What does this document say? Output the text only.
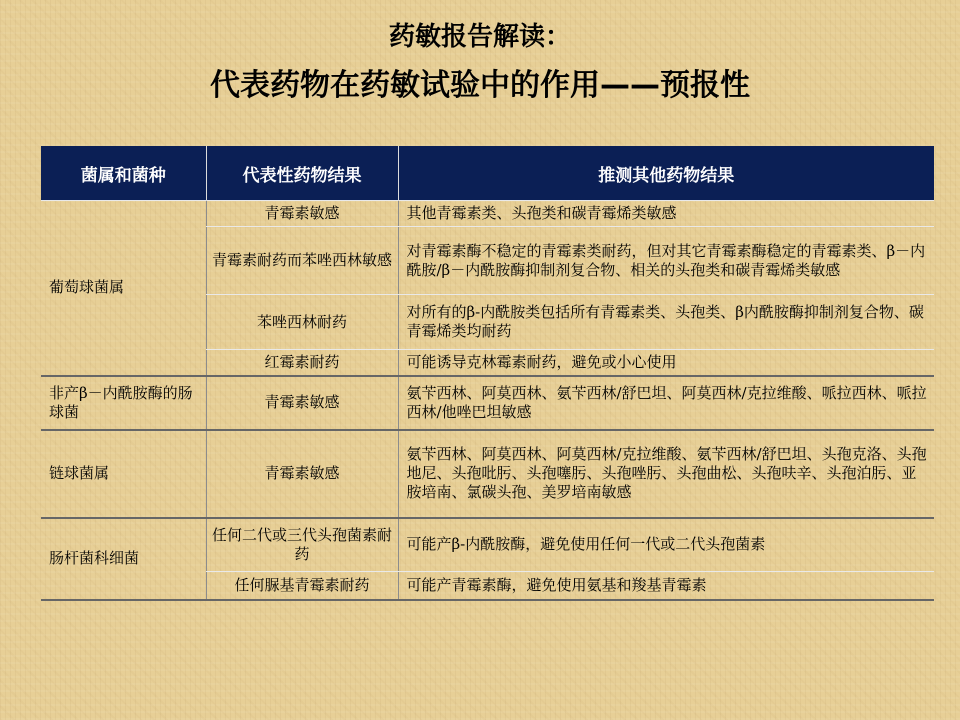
药敏报告解读：
代表药物在药敏试验中的作用——预报性
菌属和菌种	代表性药物结果	推测其他药物结果
葡萄球菌属	青霉素敏感	其他青霉素类、头孢类和碳青霉烯类敏感
	青霉素耐药而苯唑西林敏感	对青霉素酶不稳定的青霉素类耐药，但对其它青霉素酶稳定的青霉素类、β－内酰胺/β－内酰胺酶抑制剂复合物、相关的头孢类和碳青霉烯类敏感
	苯唑西林耐药	对所有的β-内酰胺类包括所有青霉素类、头孢类、β内酰胺酶抑制剂复合物、碳青霉烯类均耐药
	红霉素耐药	可能诱导克林霉素耐药，避免或小心使用
非产β－内酰胺酶的肠球菌	青霉素敏感	氨苄西林、阿莫西林、氨苄西林/舒巴坦、阿莫西林/克拉维酸、哌拉西林、哌拉西林/他唑巴坦敏感
链球菌属	青霉素敏感	氨苄西林、阿莫西林、阿莫西林/克拉维酸、氨苄西林/舒巴坦、头孢克洛、头孢地尼、头孢吡肟、头孢噻肟、头孢唑肟、头孢曲松、头孢呋辛、头孢泊肟、亚胺培南、氯碳头孢、美罗培南敏感
肠杆菌科细菌	任何二代或三代头孢菌素耐药	可能产β-内酰胺酶，避免使用任何一代或二代头孢菌素
	任何脲基青霉素耐药	可能产青霉素酶，避免使用氨基和羧基青霉素
